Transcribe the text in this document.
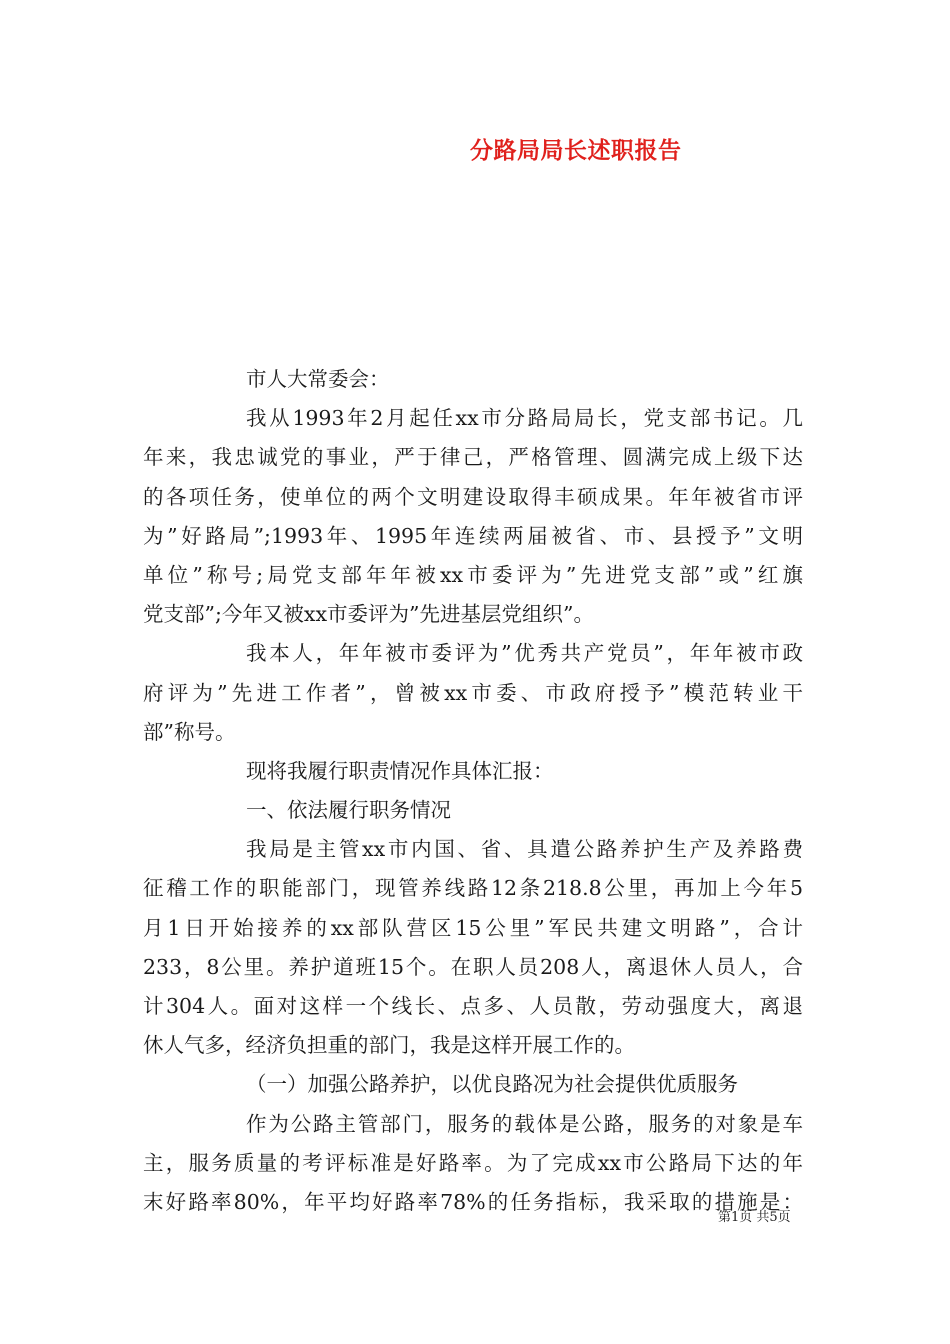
分路局局长述职报告
市人大常委会：
我从1993年2月起任xx市分路局局长，党支部书记。几
年来，我忠诚党的事业，严于律己，严格管理、圆满完成上级下达
的各项任务，使单位的两个文明建设取得丰硕成果。年年被省市评
为”好路局”;1993年、1995年连续两届被省、市、县授予”文明
单位”称号;局党支部年年被xx市委评为”先进党支部”或”红旗
党支部”;今年又被xx市委评为”先进基层党组织”。
我本人，年年被市委评为”优秀共产党员”，年年被市政
府评为”先进工作者”，曾被xx市委、市政府授予”模范转业干
部”称号。
现将我履行职责情况作具体汇报：
一、依法履行职务情况
我局是主管xx市内国、省、具遣公路养护生产及养路费
征稽工作的职能部门，现管养线路12条218.8公里，再加上今年5
月1日开始接养的xx部队营区15公里”军民共建文明路”，合计
233，8公里。养护道班15个。在职人员208人，离退休人员人，合
计304人。面对这样一个线长、点多、人员散，劳动强度大，离退
休人气多，经济负担重的部门，我是这样开展工作的。
（一）加强公路养护，以优良路况为社会提供优质服务
作为公路主管部门，服务的载体是公路，服务的对象是车
主，服务质量的考评标准是好路率。为了完成xx市公路局下达的年
末好路率80%，年平均好路率78%的任务指标，我采取的措施是：
第1页 共5页
